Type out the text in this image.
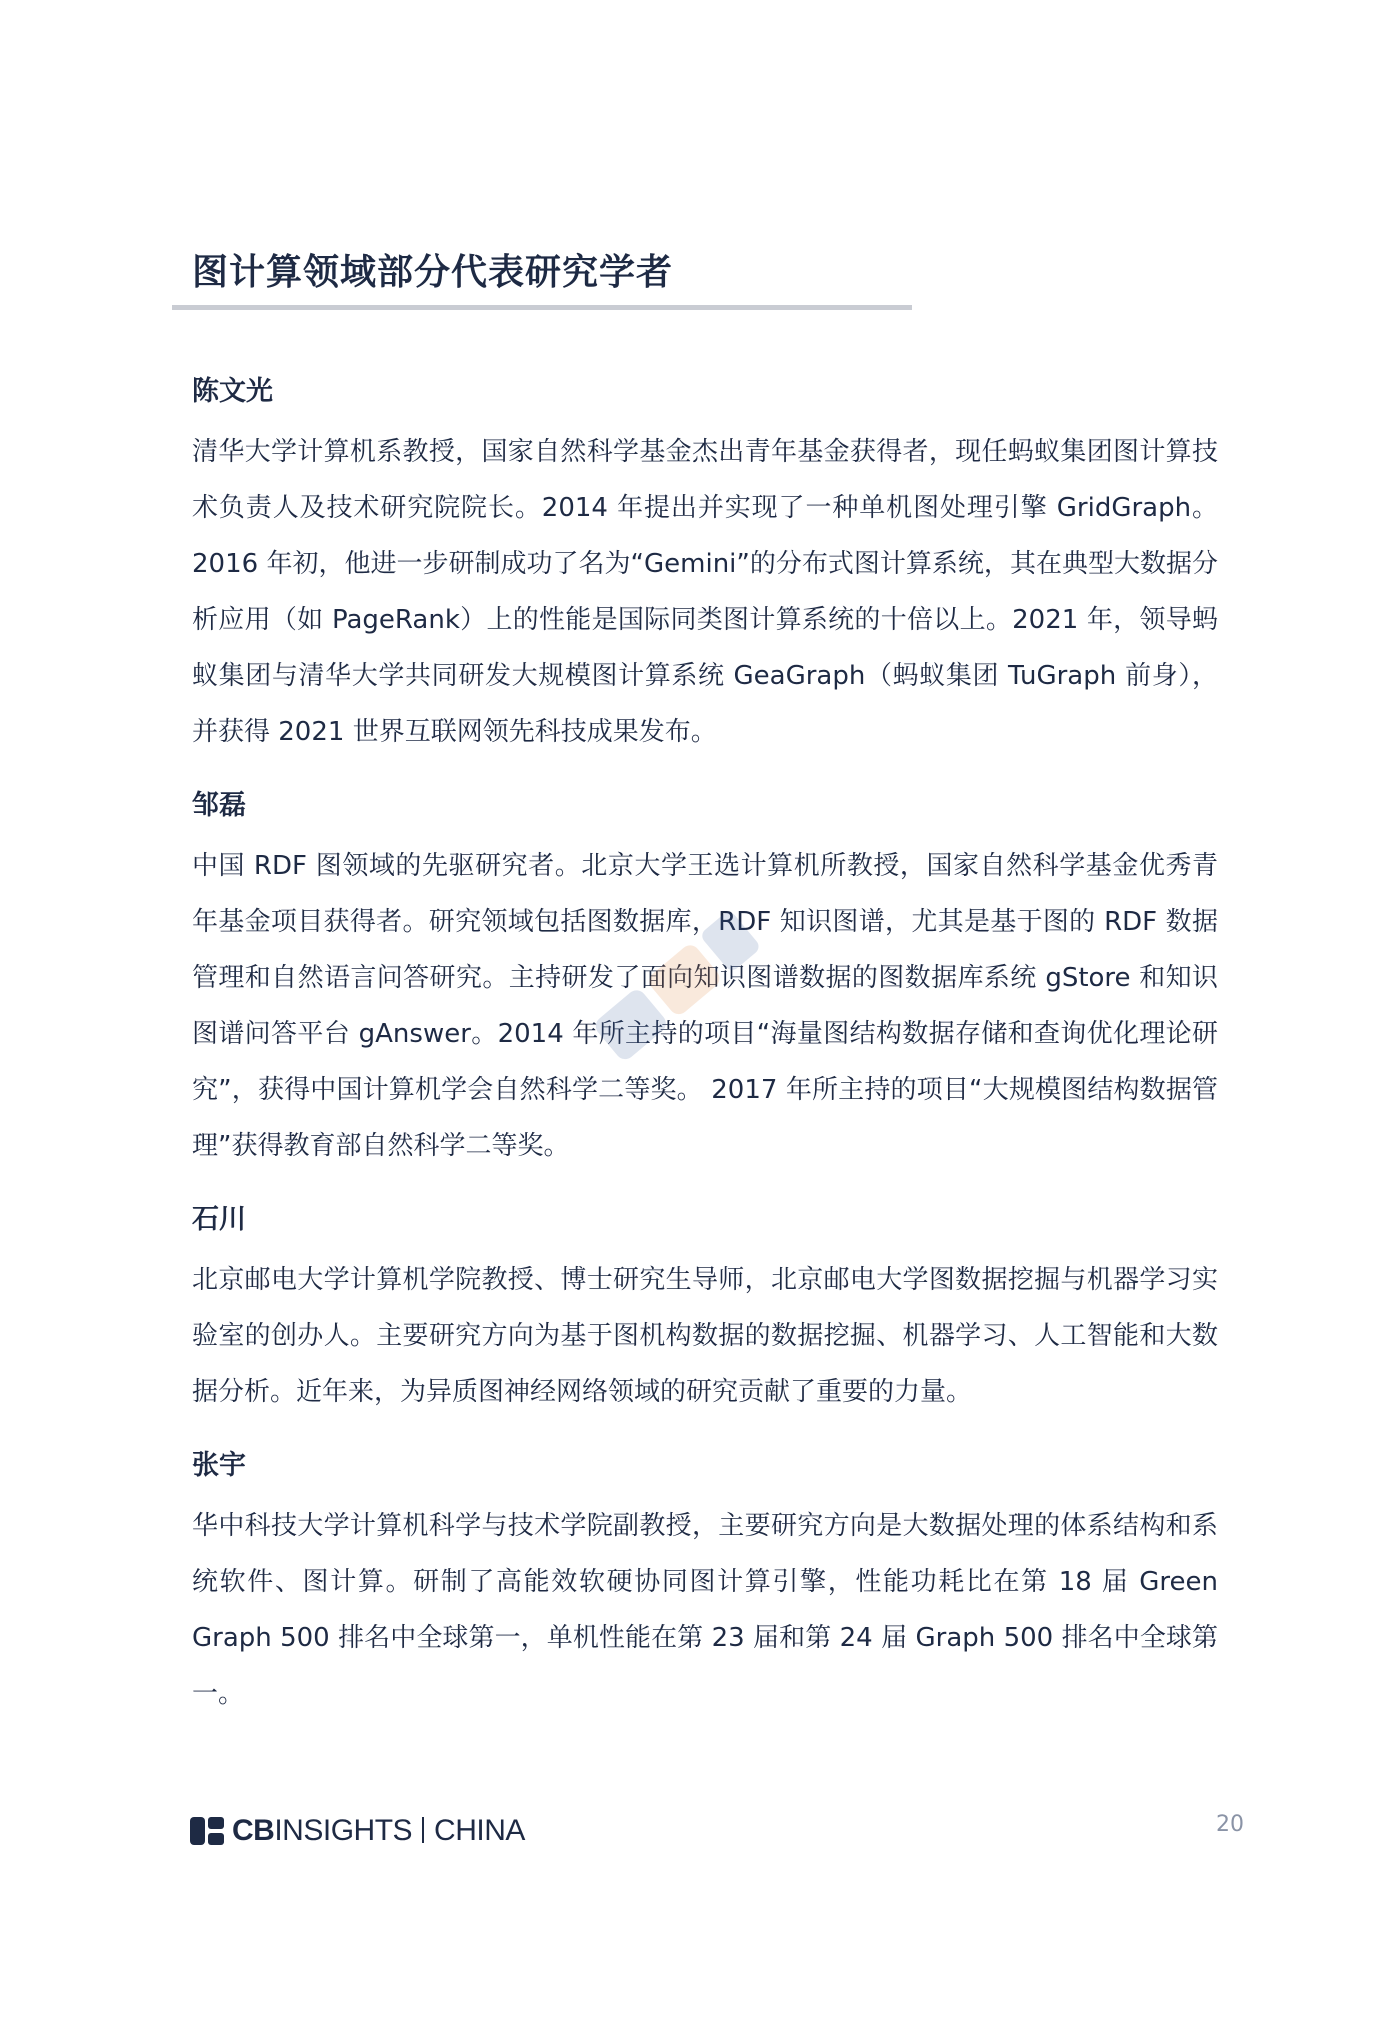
图计算领域部分代表研究学者
陈文光

清华大学计算机系教授，国家自然科学基金杰出青年基金获得者，现任蚂蚁集团图计算技术负责人及技术研究院院长。2014 年提出并实现了一种单机图处理引擎 GridGraph。2016 年初，他进一步研制成功了名为“Gemini”的分布式图计算系统，其在典型大数据分析应用（如 PageRank）上的性能是国际同类图计算系统的十倍以上。2021 年，领导蚂蚁集团与清华大学共同研发大规模图计算系统 GeaGraph（蚂蚁集团 TuGraph 前身），并获得 2021 世界互联网领先科技成果发布。

邹磊

中国 RDF 图领域的先驱研究者。北京大学王选计算机所教授，国家自然科学基金优秀青年基金项目获得者。研究领域包括图数据库，RDF 知识图谱，尤其是基于图的 RDF 数据管理和自然语言问答研究。主持研发了面向知识图谱数据的图数据库系统 gStore 和知识图谱问答平台 gAnswer。2014 年所主持的项目“海量图结构数据存储和查询优化理论研究”，获得中国计算机学会自然科学二等奖。 2017 年所主持的项目“大规模图结构数据管理”获得教育部自然科学二等奖。

石川

北京邮电大学计算机学院教授、博士研究生导师，北京邮电大学图数据挖掘与机器学习实验室的创办人。主要研究方向为基于图机构数据的数据挖掘、机器学习、人工智能和大数据分析。近年来，为异质图神经网络领域的研究贡献了重要的力量。

张宇

华中科技大学计算机科学与技术学院副教授，主要研究方向是大数据处理的体系结构和系统软件、图计算。研制了高能效软硬协同图计算引擎，性能功耗比在第 18 届 Green Graph 500 排名中全球第一，单机性能在第 23 届和第 24 届 Graph 500 排名中全球第一。

CBINSIGHTS CHINA	20
